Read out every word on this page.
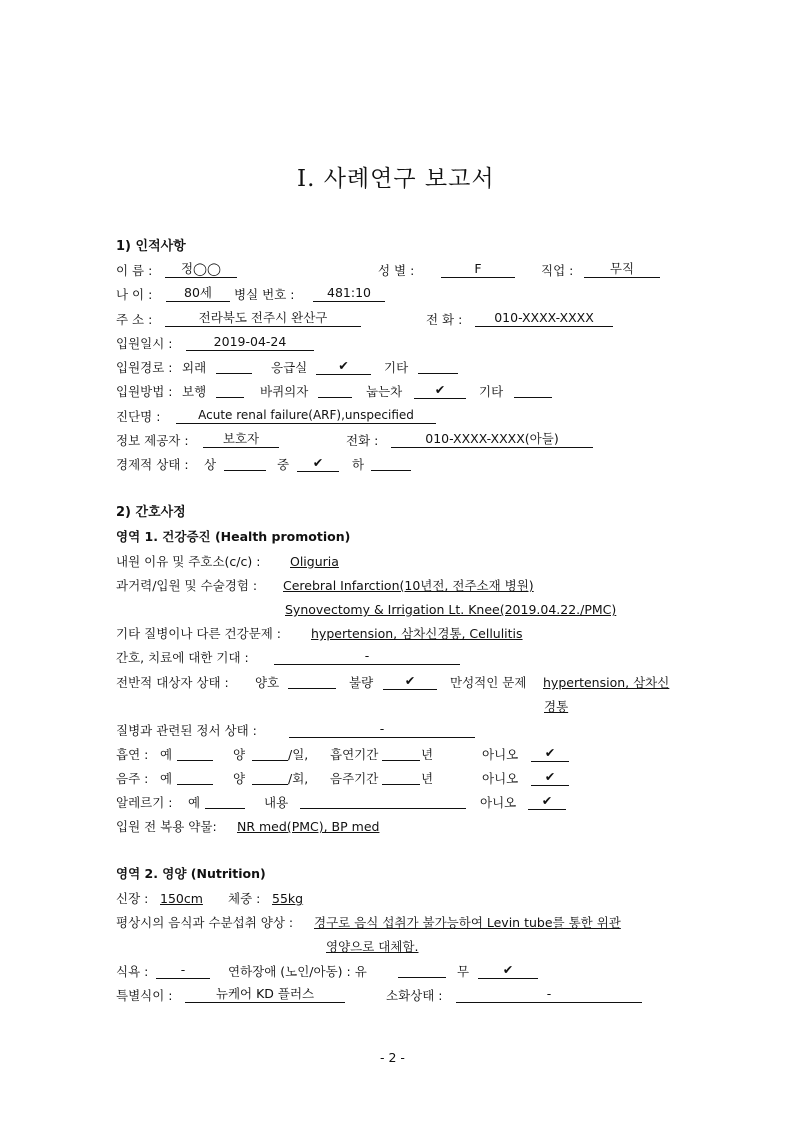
Ⅰ. 사례연구 보고서
1) 인적사항
이 름 :	정◯◯	성 별 :	F	직업 :	무직
나 이 :	80세	병실 번호 :	481:10
주 소 :	전라북도 전주시 완산구	전 화 :	010-XXXX-XXXX
입원일시 :	2019-04-24
입원경로 : 외래	응급실	✔	기타
입원방법 : 보행	바퀴의자	눕는차	✔	기타
진단명 :	Acute renal failure(ARF),unspecified
정보 제공자 :	보호자	전화 :	010-XXXX-XXXX(아들)
경제적 상태 : 상	중	✔	하
2) 간호사정
영역 1. 건강증진 (Health promotion)
내원 이유 및 주호소(c/c) : Oliguria
과거력/입원 및 수술경험 : Cerebral Infarction(10년전, 전주소재 병원)
Synovectomy & Irrigation Lt. Knee(2019.04.22./PMC)
기타 질병이나 다른 건강문제 : hypertension, 삼차신경통, Cellulitis
간호, 치료에 대한 기대 :	-
전반적 대상자 상태 : 양호	불량	✔	만성적인 문제 hypertension, 삼차신
경통
질병과 관련된 정서 상태 :	-
흡연 : 예	양	/일, 흡연기간	년	아니오	✔
음주 : 예	양	/회, 음주기간	년	아니오	✔
알레르기 : 예	내용	아니오	✔
입원 전 복용 약물: NR med(PMC), BP med
영역 2. 영양 (Nutrition)
신장 : 150cm 체중 : 55kg
평상시의 음식과 수분섭취 양상 : 경구로 음식 섭취가 불가능하여 Levin tube를 통한 위관
영양으로 대체함.
식욕 :	-	연하장애 (노인/아동) : 유	무	✔
특별식이 :	뉴케어 KD 플러스	소화상태 :	-
- 2 -
